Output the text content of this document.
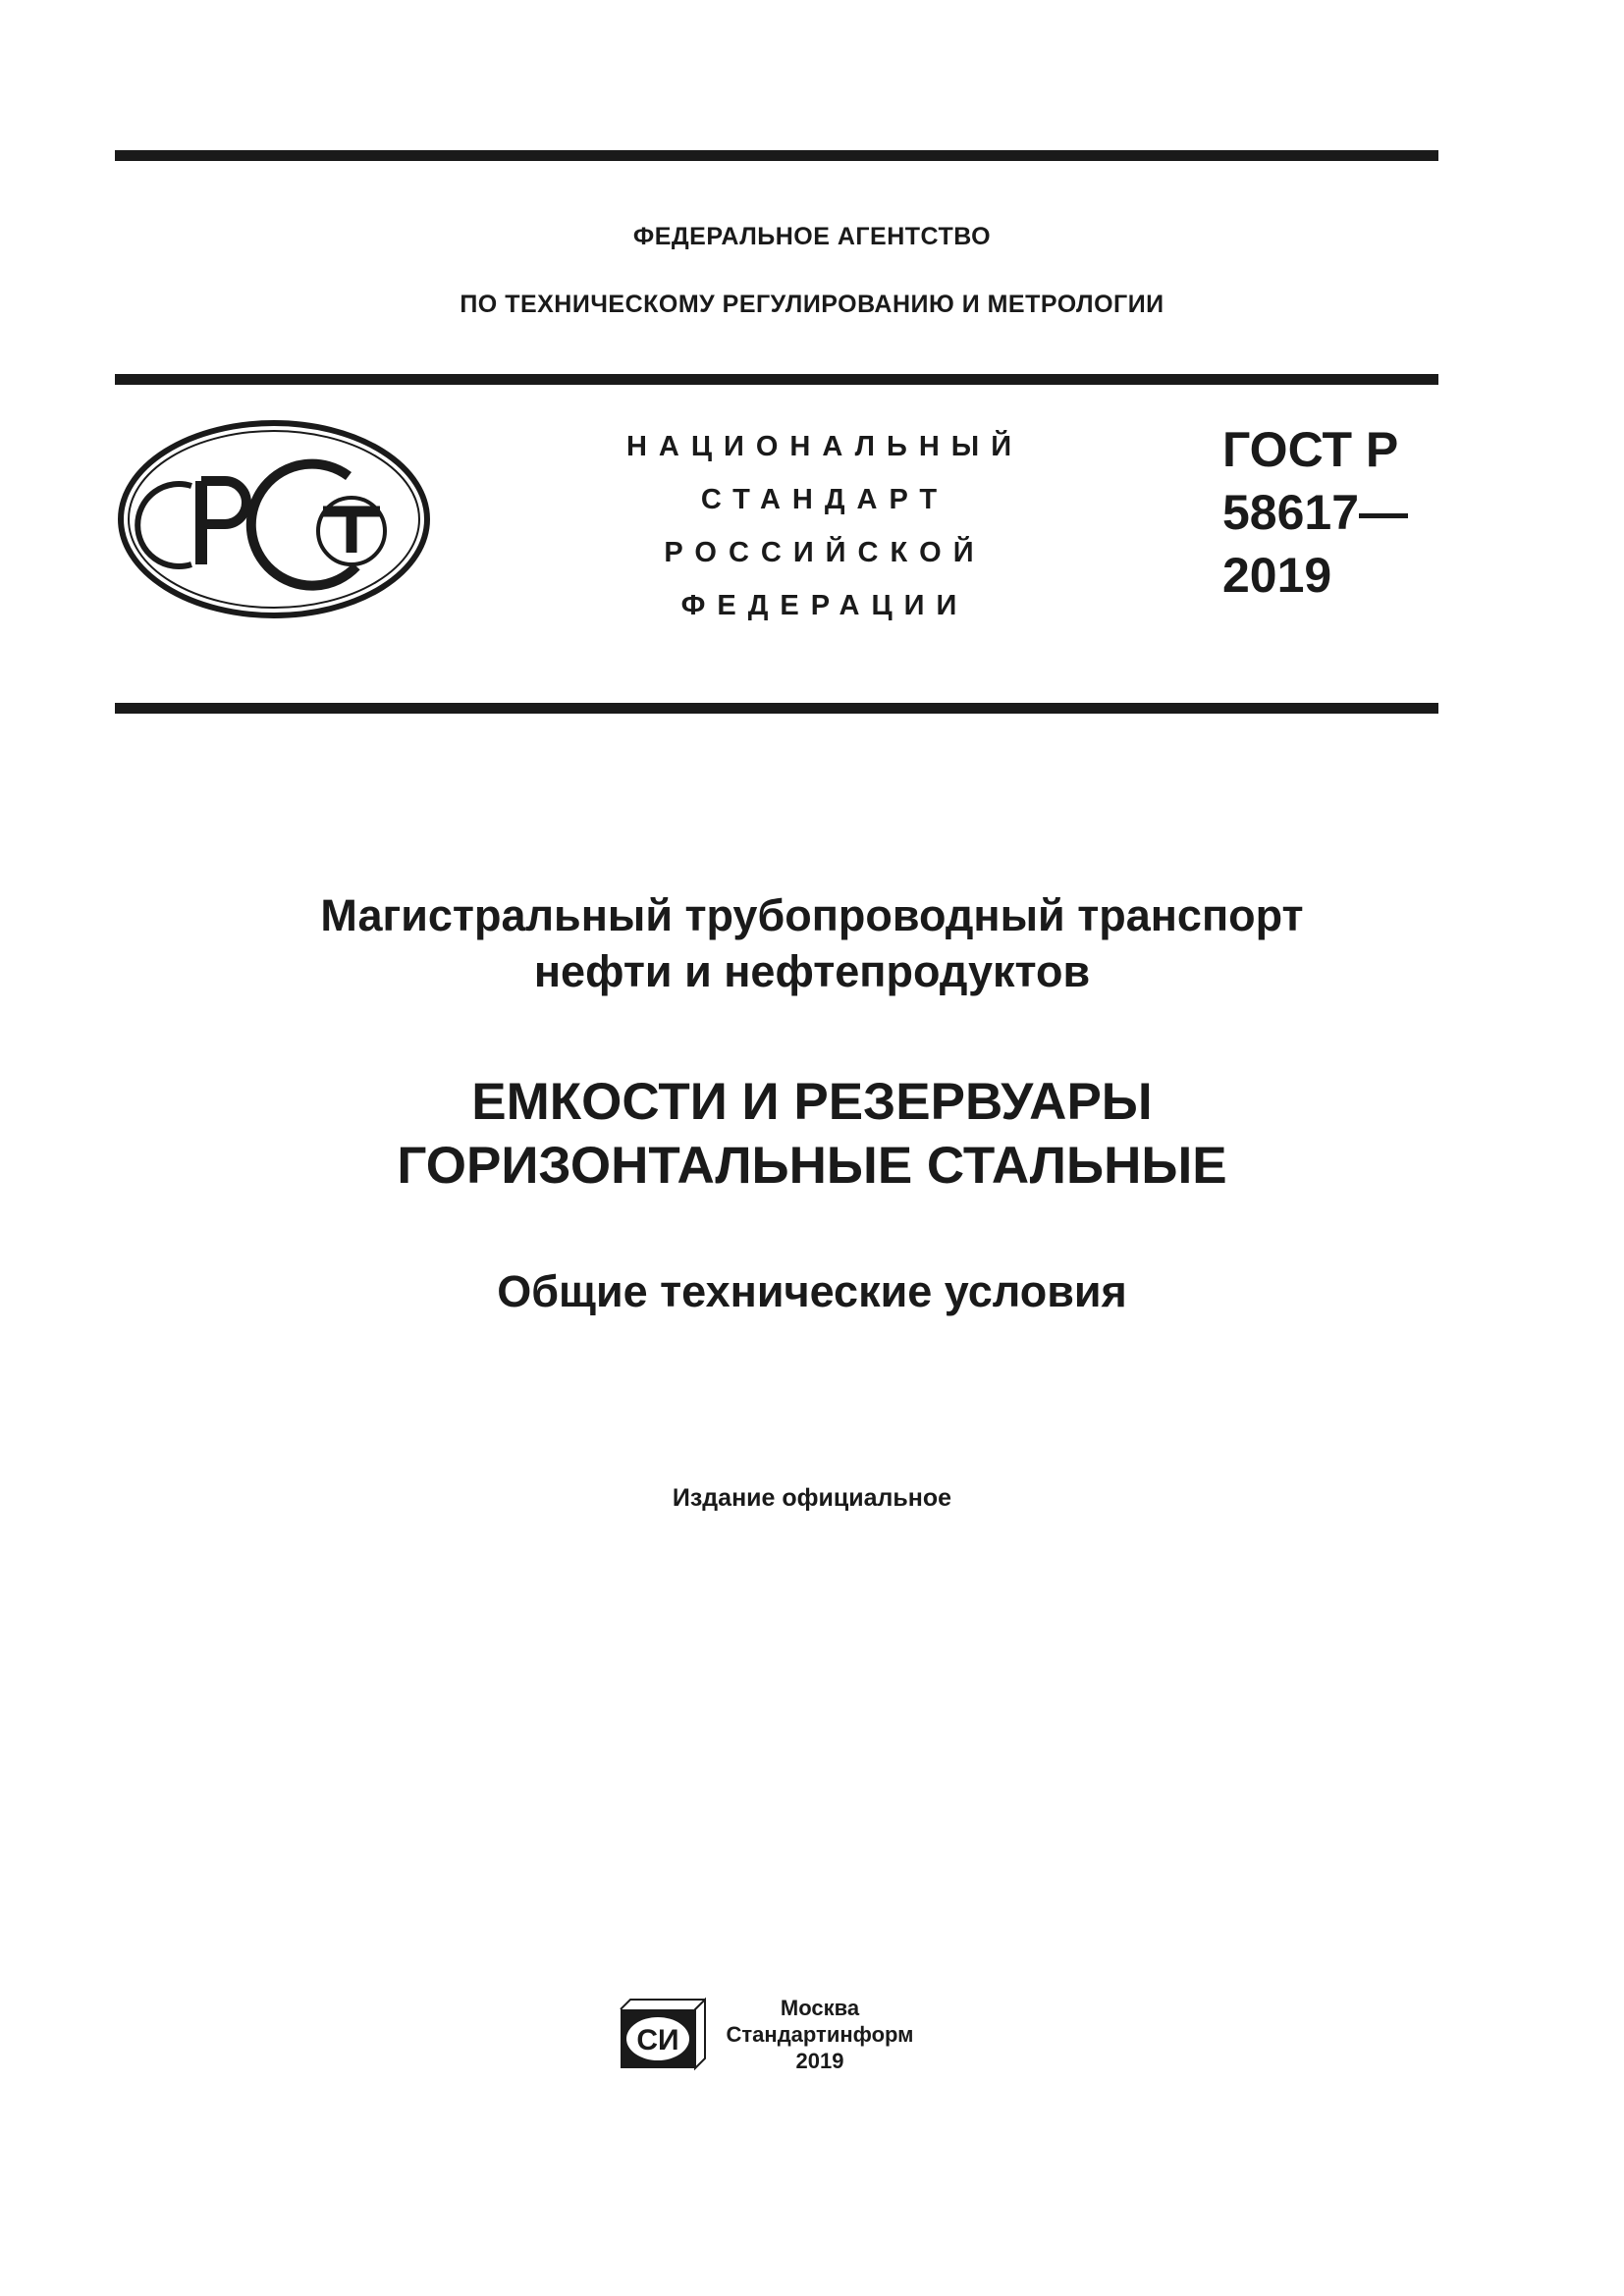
ФЕДЕРАЛЬНОЕ АГЕНТСТВО
ПО ТЕХНИЧЕСКОМУ РЕГУЛИРОВАНИЮ И МЕТРОЛОГИИ
НАЦИОНАЛЬНЫЙ
СТАНДАРТ
РОССИЙСКОЙ
ФЕДЕРАЦИИ
ГОСТ Р
58617—
2019
Магистральный трубопроводный транспорт
нефти и нефтепродуктов
ЕМКОСТИ И РЕЗЕРВУАРЫ
ГОРИЗОНТАЛЬНЫЕ СТАЛЬНЫЕ
Общие технические условия
Издание официальное
СИ
Москва
Стандартинформ
2019
